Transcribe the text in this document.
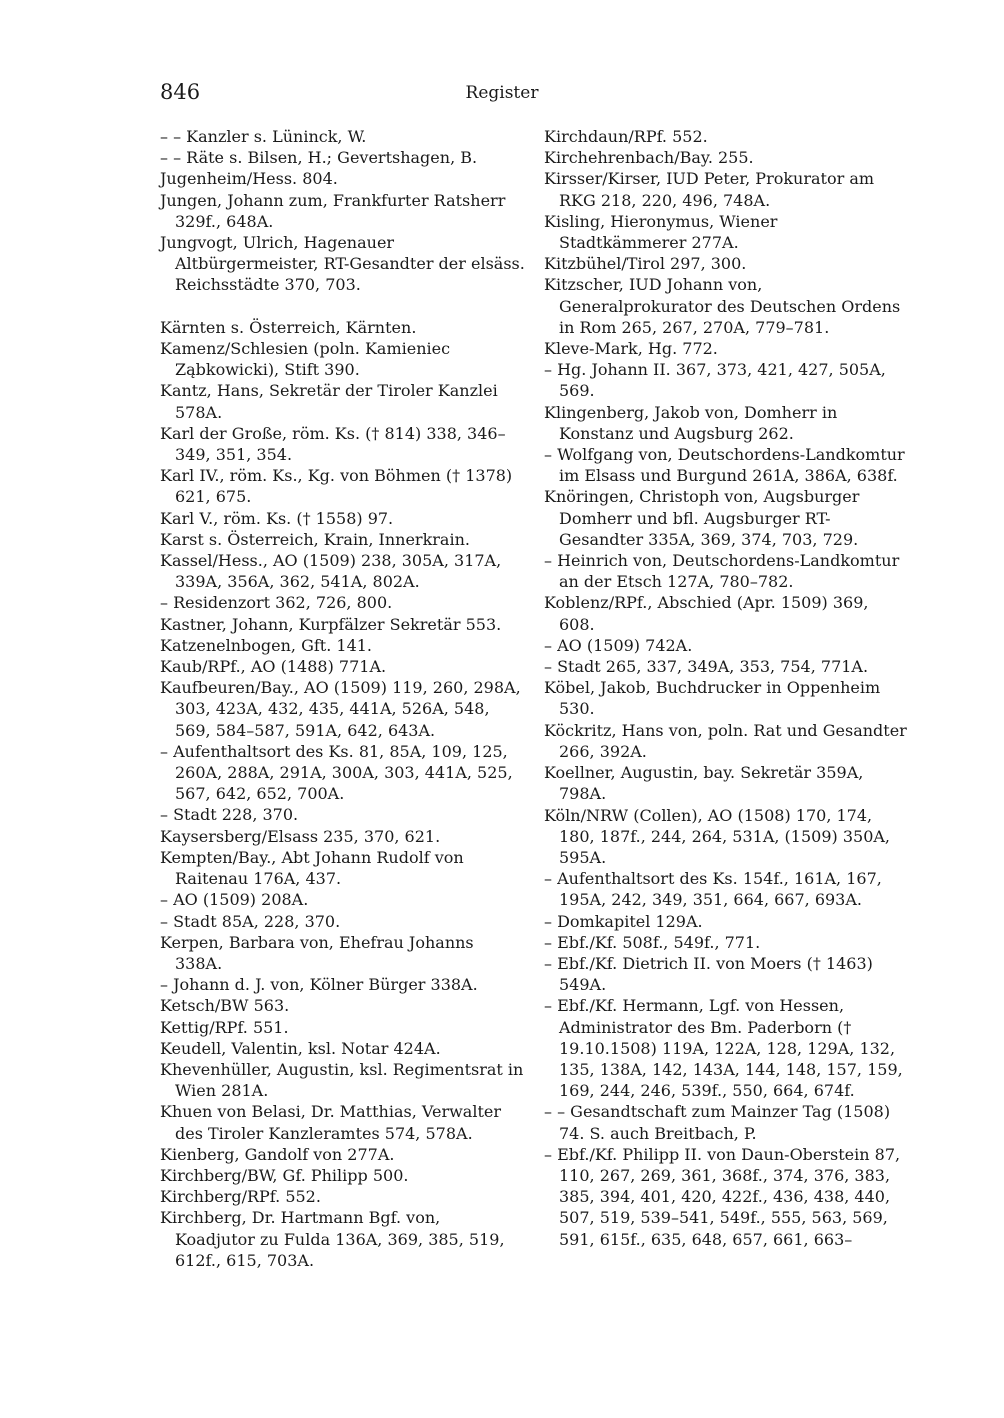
846	Register
– – Kanzler s. Lüninck, W.
– – Räte s. Bilsen, H.; Gevertshagen, B.
Jugenheim/Hess. 804.
Jungen, Johann zum, Frankfurter Ratsherr 329f., 648A.
Jungvogt, Ulrich, Hagenauer Altbürgermeister, RT-Gesandter der elsäss. Reichsstädte 370, 703.
Kärnten s. Österreich, Kärnten.
Kamenz/Schlesien (poln. Kamieniec Ząbkowicki), Stift 390.
Kantz, Hans, Sekretär der Tiroler Kanzlei 578A.
Karl der Große, röm. Ks. († 814) 338, 346–349, 351, 354.
Karl IV., röm. Ks., Kg. von Böhmen († 1378) 621, 675.
Karl V., röm. Ks. († 1558) 97.
Karst s. Österreich, Krain, Innerkrain.
Kassel/Hess., AO (1509) 238, 305A, 317A, 339A, 356A, 362, 541A, 802A.
– Residenzort 362, 726, 800.
Kastner, Johann, Kurpfälzer Sekretär 553.
Katzenelnbogen, Gft. 141.
Kaub/RPf., AO (1488) 771A.
Kaufbeuren/Bay., AO (1509) 119, 260, 298A, 303, 423A, 432, 435, 441A, 526A, 548, 569, 584–587, 591A, 642, 643A.
– Aufenthaltsort des Ks. 81, 85A, 109, 125, 260A, 288A, 291A, 300A, 303, 441A, 525, 567, 642, 652, 700A.
– Stadt 228, 370.
Kaysersberg/Elsass 235, 370, 621.
Kempten/Bay., Abt Johann Rudolf von Raitenau 176A, 437.
– AO (1509) 208A.
– Stadt 85A, 228, 370.
Kerpen, Barbara von, Ehefrau Johanns 338A.
– Johann d. J. von, Kölner Bürger 338A.
Ketsch/BW 563.
Kettig/RPf. 551.
Keudell, Valentin, ksl. Notar 424A.
Khevenhüller, Augustin, ksl. Regimentsrat in Wien 281A.
Khuen von Belasi, Dr. Matthias, Verwalter des Tiroler Kanzleramtes 574, 578A.
Kienberg, Gandolf von 277A.
Kirchberg/BW, Gf. Philipp 500.
Kirchberg/RPf. 552.
Kirchberg, Dr. Hartmann Bgf. von, Koadjutor zu Fulda 136A, 369, 385, 519, 612f., 615, 703A.
Kirchdaun/RPf. 552.
Kirchehrenbach/Bay. 255.
Kirsser/Kirser, IUD Peter, Prokurator am RKG 218, 220, 496, 748A.
Kisling, Hieronymus, Wiener Stadtkämmerer 277A.
Kitzbühel/Tirol 297, 300.
Kitzscher, IUD Johann von, Generalprokurator des Deutschen Ordens in Rom 265, 267, 270A, 779–781.
Kleve-Mark, Hg. 772.
– Hg. Johann II. 367, 373, 421, 427, 505A, 569.
Klingenberg, Jakob von, Domherr in Konstanz und Augsburg 262.
– Wolfgang von, Deutschordens-Landkomtur im Elsass und Burgund 261A, 386A, 638f.
Knöringen, Christoph von, Augsburger Domherr und bfl. Augsburger RT-Gesandter 335A, 369, 374, 703, 729.
– Heinrich von, Deutschordens-Landkomtur an der Etsch 127A, 780–782.
Koblenz/RPf., Abschied (Apr. 1509) 369, 608.
– AO (1509) 742A.
– Stadt 265, 337, 349A, 353, 754, 771A.
Köbel, Jakob, Buchdrucker in Oppenheim 530.
Köckritz, Hans von, poln. Rat und Gesandter 266, 392A.
Koellner, Augustin, bay. Sekretär 359A, 798A.
Köln/NRW (Collen), AO (1508) 170, 174, 180, 187f., 244, 264, 531A, (1509) 350A, 595A.
– Aufenthaltsort des Ks. 154f., 161A, 167, 195A, 242, 349, 351, 664, 667, 693A.
– Domkapitel 129A.
– Ebf./Kf. 508f., 549f., 771.
– Ebf./Kf. Dietrich II. von Moers († 1463) 549A.
– Ebf./Kf. Hermann, Lgf. von Hessen, Administrator des Bm. Paderborn († 19.10.1508) 119A, 122A, 128, 129A, 132, 135, 138A, 142, 143A, 144, 148, 157, 159, 169, 244, 246, 539f., 550, 664, 674f.
– – Gesandtschaft zum Mainzer Tag (1508) 74. S. auch Breitbach, P.
– Ebf./Kf. Philipp II. von Daun-Oberstein 87, 110, 267, 269, 361, 368f., 374, 376, 383, 385, 394, 401, 420, 422f., 436, 438, 440, 507, 519, 539–541, 549f., 555, 563, 569, 591, 615f., 635, 648, 657, 661, 663–
